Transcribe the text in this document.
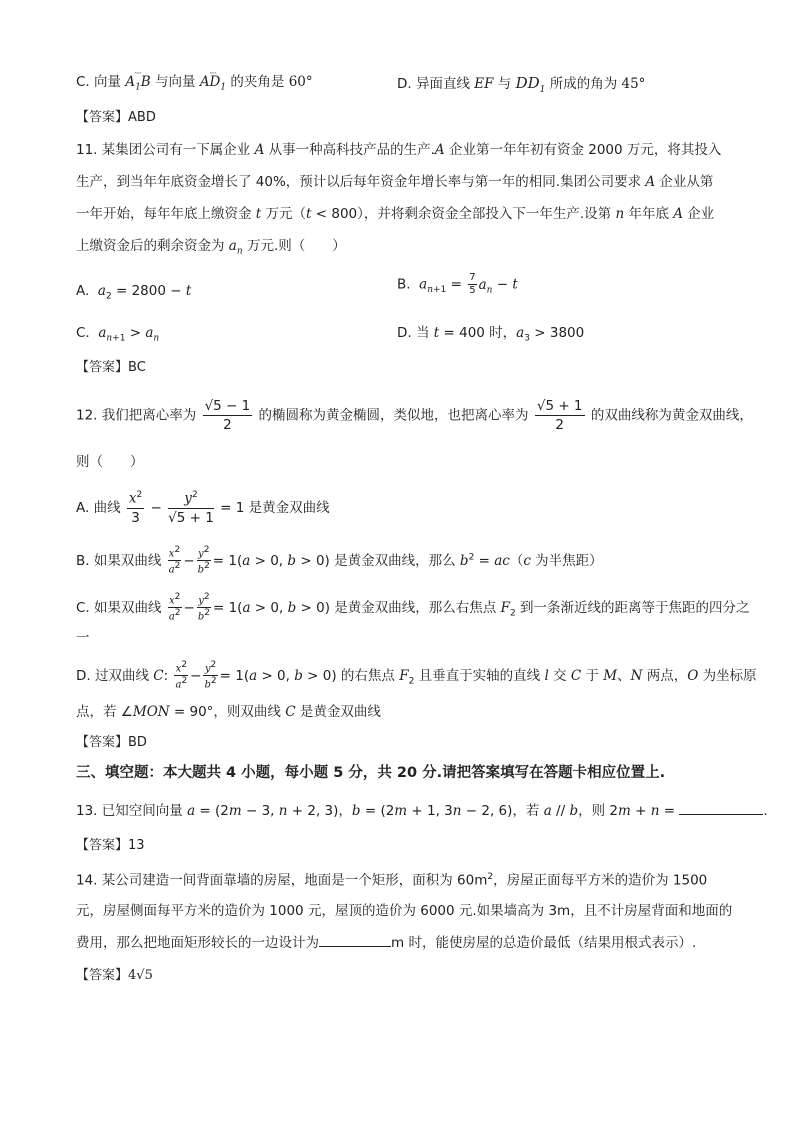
C. 向量 $A_1B$
ꞈꞈꞈ
与向量 $AD_1$
ꞈꞈꞈ
的夹角是 60°	D. 异面直线 EF 与 $DD_1$ 所成的角为 45°
【答案】ABD
11. 某集团公司有一下属企业 A 从事一种高科技产品的生产.A 企业第一年年初有资金 2000 万元，将其投入
生产，到当年年底资金增长了 40%，预计以后每年资金年增长率与第一年的相同.集团公司要求 A 企业从第
一年开始，每年年底上缴资金 t 万元（t < 800），并将剩余资金全部投入下一年生产.设第 n 年年底 A 企业
上缴资金后的剩余资金为 $a_n$ 万元.则（　　）
A.  $a_2 = 2800 - t$	B.  $a_{n+1} = \frac{7}{5} a_n - t$
C.  $a_{n+1} > a_n$	D. 当 t = 400 时，$a_3 > 3800$
【答案】BC
12. 我们把离心率为 $\frac{√5 - 1}{2}$ 的椭圆称为黄金椭圆，类似地，也把离心率为 $\frac{√5 + 1}{2}$ 的双曲线称为黄金双曲线，
则（　　）
A. 曲线 $\frac{x^2}{3} - \frac{y^2}{√5 + 1} = 1$ 是黄金双曲线
B. 如果双曲线 $\frac{x^2}{a^2} - \frac{y^2}{b^2} = 1(a > 0$, b > 0) 是黄金双曲线，那么 $b^2 = ac(c$ 为半焦距）
C. 如果双曲线 $\frac{x^2}{a^2} - \frac{y^2}{b^2} = 1(a > 0$, b > 0) 是黄金双曲线，那么右焦点 $F_2$ 到一条渐近线的距离等于焦距的四分之
一
D. 过双曲线 C: $\frac{x^2}{a^2} - \frac{y^2}{b^2} = 1(a > 0$, b > 0) 的右焦点 $F_2$ 且垂直于实轴的直线 l 交 C 于 M、N 两点，O 为坐标原
点，若 ∠MON = 90°，则双曲线 C 是黄金双曲线
【答案】BD
三、填空题：本大题共 4 小题，每小题 5 分，共 20 分.请把答案填写在答题卡相应位置上.
13. 已知空间向量 a = (2m − 3, n + 2, 3)，b = (2m + 1, 3n − 2, 6)，若 a // b，则 2m + n =	.
【答案】13
14. 某公司建造一间背面靠墙的房屋，地面是一个矩形，面积为 $60m^2$，房屋正面每平方米的造价为 1500
元，房屋侧面每平方米的造价为 1000 元，屋顶的造价为 6000 元.如果墙高为 3m，且不计房屋背面和地面的
费用，那么把地面矩形较长的一边设计为	m 时，能使房屋的总造价最低（结果用根式表示）.
【答案】4√5
